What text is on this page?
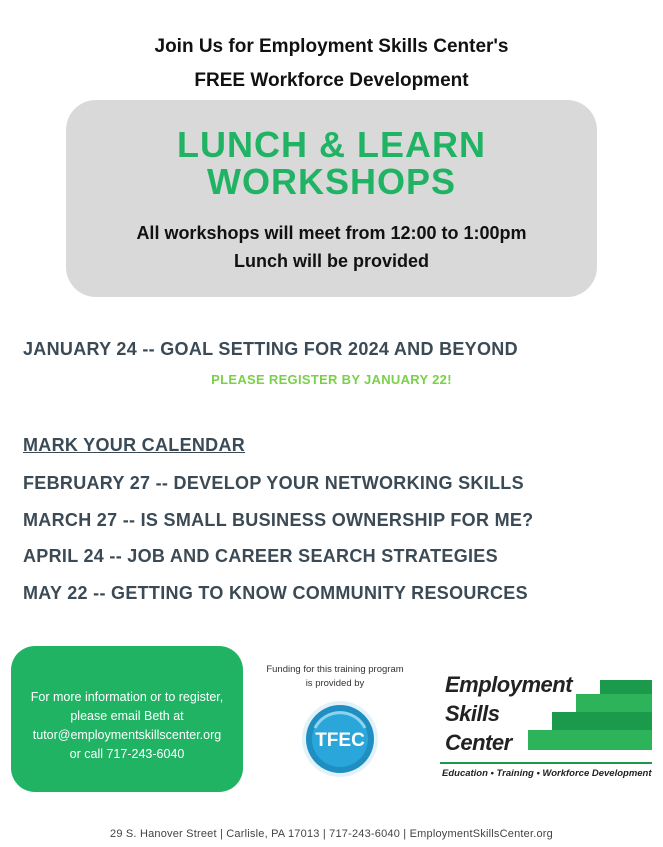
Join Us for Employment Skills Center's
FREE Workforce Development
LUNCH & LEARN
WORKSHOPS
All workshops will meet from 12:00 to 1:00pm
Lunch will be provided
JANUARY 24 -- GOAL SETTING FOR 2024 AND BEYOND
PLEASE REGISTER BY JANUARY 22!
MARK YOUR CALENDAR
FEBRUARY 27 -- DEVELOP YOUR NETWORKING SKILLS
MARCH 27 -- IS SMALL BUSINESS OWNERSHIP FOR ME?
APRIL 24 -- JOB AND CAREER SEARCH STRATEGIES
MAY 22 -- GETTING TO KNOW COMMUNITY RESOURCES
For more information or to register,
please email Beth at
tutor@employmentskillscenter.org
or call 717-243-6040
Funding for this training program
is provided by
TFEC
Employment
Skills
Center
Education • Training • Workforce Development
29 S. Hanover Street | Carlisle, PA 17013 | 717-243-6040 | EmploymentSkillsCenter.org
